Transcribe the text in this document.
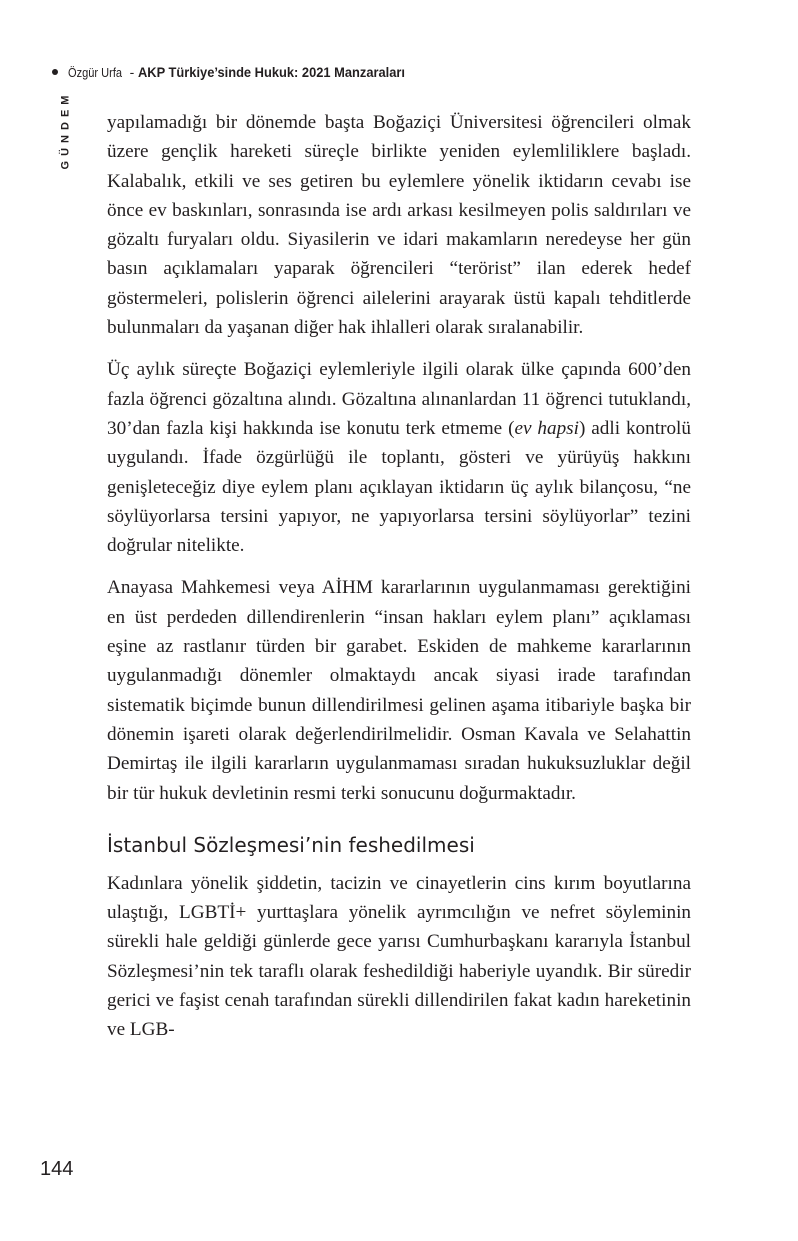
Özgür Urfa - AKP Türkiye’sinde Hukuk: 2021 Manzaraları
GÜNDEM yapılamadığı bir dönemde başta Boğaziçi Üniversitesi öğrencileri olmak üzere gençlik hareketi süreçle birlikte yeniden eylemliliklere başladı. Kalabalık, etkili ve ses getiren bu eylemlere yönelik iktidarın cevabı ise önce ev baskınları, sonrasında ise ardı arkası kesilmeyen polis saldırıları ve gözaltı furyaları oldu. Siyasilerin ve idari makamların neredeyse her gün basın açıklamaları yaparak öğrencileri “terörist” ilan ederek hedef göstermeleri, polislerin öğrenci ailelerini arayarak üstü kapalı tehditlerde bulunmaları da yaşanan diğer hak ihlalleri olarak sıralanabilir.

Üç aylık süreçte Boğaziçi eylemleriyle ilgili olarak ülke çapında 600’den fazla öğrenci gözaltına alındı. Gözaltına alınanlardan 11 öğrenci tutuklandı, 30’dan fazla kişi hakkında ise konutu terk etmeme (ev hapsi) adli kontrolü uygulandı. İfade özgürlüğü ile toplantı, gösteri ve yürüyüş hakkını genişleteceğiz diye eylem planı açıklayan iktidarın üç aylık bilançosu, “ne söylüyorlarsa tersini yapıyor, ne yapıyorlarsa tersini söylüyorlar” tezini doğrular nitelikte.

Anayasa Mahkemesi veya AİHM kararlarının uygulanmaması gerektiğini en üst perdeden dillendirenlerin “insan hakları eylem planı” açıklaması eşine az rastlanır türden bir garabet. Eskiden de mahkeme kararlarının uygulanmadığı dönemler olmaktaydı ancak siyasi irade tarafından sistematik biçimde bunun dillendirilmesi gelinen aşama itibariyle başka bir dönemin işareti olarak değerlendirilmelidir. Osman Kavala ve Selahattin Demirtaş ile ilgili kararların uygulanmaması sıradan hukuksuzluklar değil bir tür hukuk devletinin resmi terki sonucunu doğurmaktadır.

İstanbul Sözleşmesi’nin feshedilmesi

Kadınlara yönelik şiddetin, tacizin ve cinayetlerin cins kırım boyutlarına ulaştığı, LGBTİ+ yurttaşlara yönelik ayrımcılığın ve nefret söyleminin sürekli hale geldiği günlerde gece yarısı Cumhurbaşkanı kararıyla İstanbul Sözleşmesi’nin tek taraflı olarak feshedildiği haberiyle uyandık. Bir süredir gerici ve faşist cenah tarafından sürekli dillendirilen fakat kadın hareketinin ve LGB-

144
